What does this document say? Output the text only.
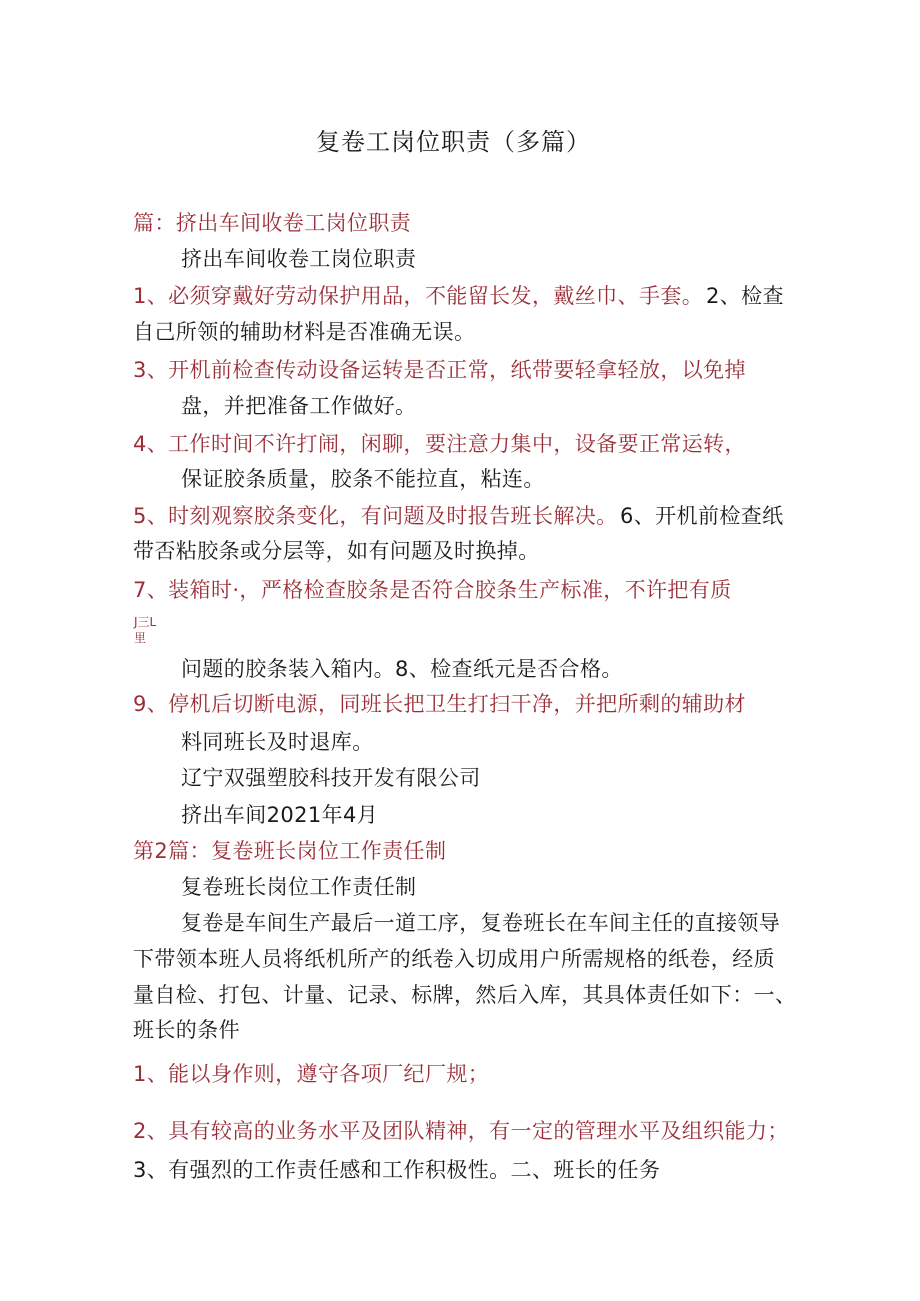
复卷工岗位职责（多篇）
篇：挤出车间收卷工岗位职责
挤出车间收卷工岗位职责
1、必须穿戴好劳动保护用品，不能留长发，戴丝巾、手套。 2、检查
自己所领的辅助材料是否准确无误。
3、开机前检查传动设备运转是否正常，纸带要轻拿轻放，以免掉
盘，并把准备工作做好。
4、工作时间不许打闹，闲聊，要注意力集中，设备要正常运转，
保证胶条质量，胶条不能拉直，粘连。
5、时刻观察胶条变化，有问题及时报告班长解决。 6、开机前检查纸
带否粘胶条或分层等，如有问题及时换掉。
7、装箱时·，严格检查胶条是否符合胶条生产标准，不许把有质
J三L
里
问题的胶条装入箱内。8、检查纸元是否合格。
9、停机后切断电源，同班长把卫生打扫干净，并把所剩的辅助材
料同班长及时退库。
辽宁双强塑胶科技开发有限公司
挤出车间2021年4月
第2篇：复卷班长岗位工作责任制
复卷班长岗位工作责任制
复卷是车间生产最后一道工序，复卷班长在车间主任的直接领导
下带领本班人员将纸机所产的纸卷入切成用户所需规格的纸卷，经质
量自检、打包、计量、记录、标牌，然后入库，其具体责任如下：一、
班长的条件
1、能以身作则，遵守各项厂纪厂规；
2、具有较高的业务水平及团队精神，有一定的管理水平及组织能力；
3、有强烈的工作责任感和工作积极性。二、班长的任务
